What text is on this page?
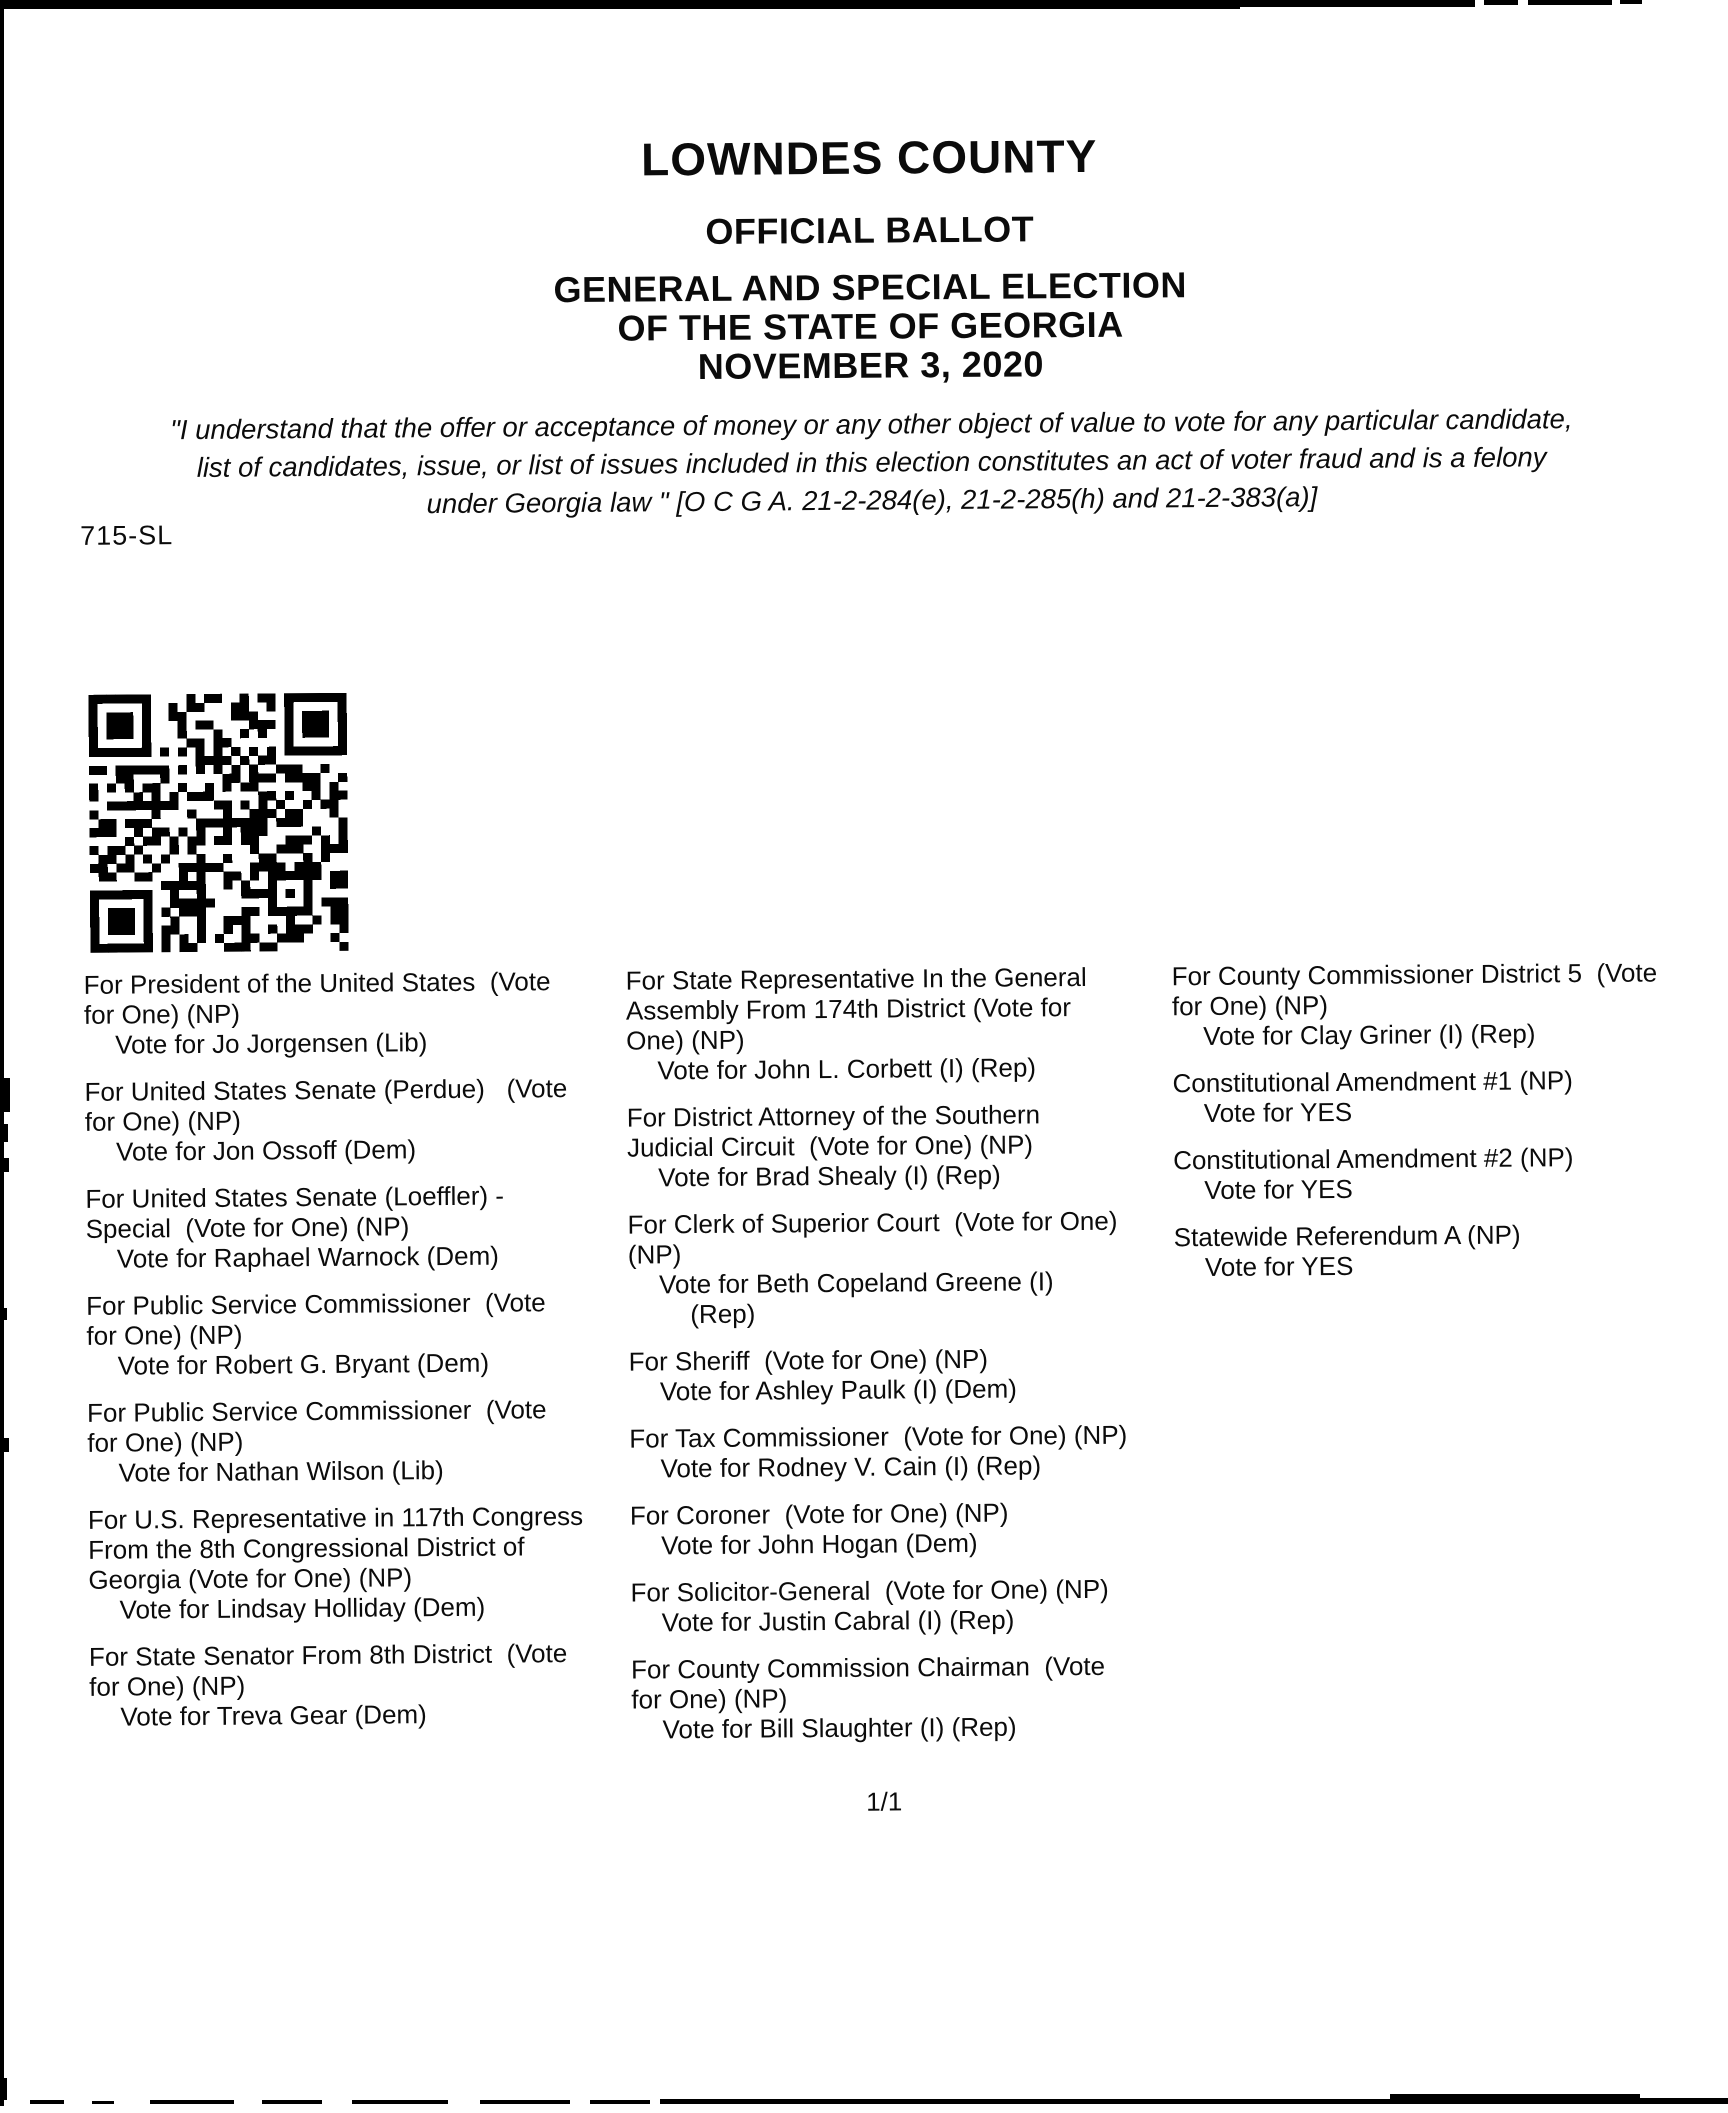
LOWNDES COUNTY
OFFICIAL BALLOT
GENERAL AND SPECIAL ELECTION
OF THE STATE OF GEORGIA
NOVEMBER 3, 2020
"I understand that the offer or acceptance of money or any other object of value to vote for any particular candidate,
list of candidates, issue, or list of issues included in this election constitutes an act of voter fraud and is a felony
under Georgia law " [O C G A. 21-2-284(e), 21-2-285(h) and 21-2-383(a)]
715-SL
For President of the United States  (Vote
for One) (NP)
Vote for Jo Jorgensen (Lib)
For United States Senate (Perdue)   (Vote
for One) (NP)
Vote for Jon Ossoff (Dem)
For United States Senate (Loeffler) -
Special  (Vote for One) (NP)
Vote for Raphael Warnock (Dem)
For Public Service Commissioner  (Vote
for One) (NP)
Vote for Robert G. Bryant (Dem)
For Public Service Commissioner  (Vote
for One) (NP)
Vote for Nathan Wilson (Lib)
For U.S. Representative in 117th Congress
From the 8th Congressional District of
Georgia (Vote for One) (NP)
Vote for Lindsay Holliday (Dem)
For State Senator From 8th District  (Vote
for One) (NP)
Vote for Treva Gear (Dem)
For State Representative In the General
Assembly From 174th District (Vote for
One) (NP)
Vote for John L. Corbett (I) (Rep)
For District Attorney of the Southern
Judicial Circuit  (Vote for One) (NP)
Vote for Brad Shealy (I) (Rep)
For Clerk of Superior Court  (Vote for One)
(NP)
Vote for Beth Copeland Greene (I)
(Rep)
For Sheriff  (Vote for One) (NP)
Vote for Ashley Paulk (I) (Dem)
For Tax Commissioner  (Vote for One) (NP)
Vote for Rodney V. Cain (I) (Rep)
For Coroner  (Vote for One) (NP)
Vote for John Hogan (Dem)
For Solicitor-General  (Vote for One) (NP)
Vote for Justin Cabral (I) (Rep)
For County Commission Chairman  (Vote
for One) (NP)
Vote for Bill Slaughter (I) (Rep)
For County Commissioner District 5  (Vote
for One) (NP)
Vote for Clay Griner (I) (Rep)
Constitutional Amendment #1 (NP)
Vote for YES
Constitutional Amendment #2 (NP)
Vote for YES
Statewide Referendum A (NP)
Vote for YES
1/1
